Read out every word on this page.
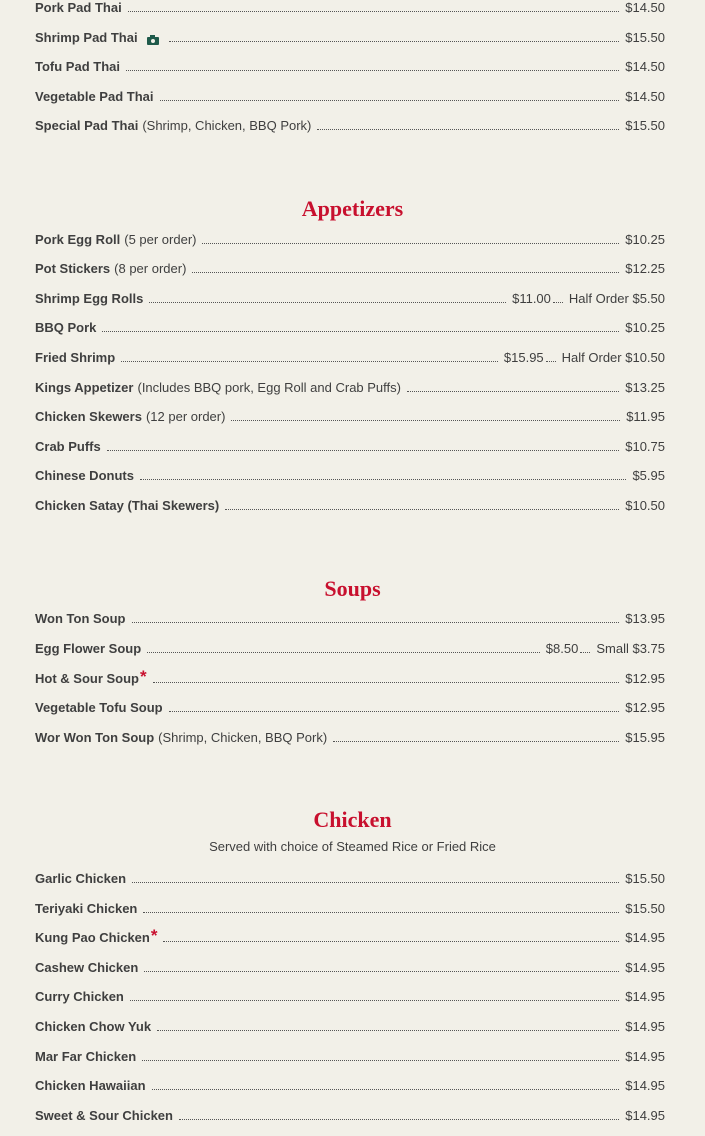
Pork Pad Thai	$14.50
Shrimp Pad Thai	$15.50
Tofu Pad Thai	$14.50
Vegetable Pad Thai	$14.50
Special Pad Thai (Shrimp, Chicken, BBQ Pork)	$15.50
Appetizers
Pork Egg Roll (5 per order)	$10.25
Pot Stickers (8 per order)	$12.25
Shrimp Egg Rolls	$11.00 Half Order $5.50
BBQ Pork	$10.25
Fried Shrimp	$15.95 Half Order $10.50
Kings Appetizer (Includes BBQ pork, Egg Roll and Crab Puffs)	$13.25
Chicken Skewers (12 per order)	$11.95
Crab Puffs	$10.75
Chinese Donuts	$5.95
Chicken Satay (Thai Skewers)	$10.50
Soups
Won Ton Soup	$13.95
Egg Flower Soup	$8.50 Small $3.75
Hot & Sour Soup *	$12.95
Vegetable Tofu Soup	$12.95
Wor Won Ton Soup (Shrimp, Chicken, BBQ Pork)	$15.95
Chicken
Served with choice of Steamed Rice or Fried Rice
Garlic Chicken	$15.50
Teriyaki Chicken	$15.50
Kung Pao Chicken *	$14.95
Cashew Chicken	$14.95
Curry Chicken	$14.95
Chicken Chow Yuk	$14.95
Mar Far Chicken	$14.95
Chicken Hawaiian	$14.95
Sweet & Sour Chicken	$14.95
